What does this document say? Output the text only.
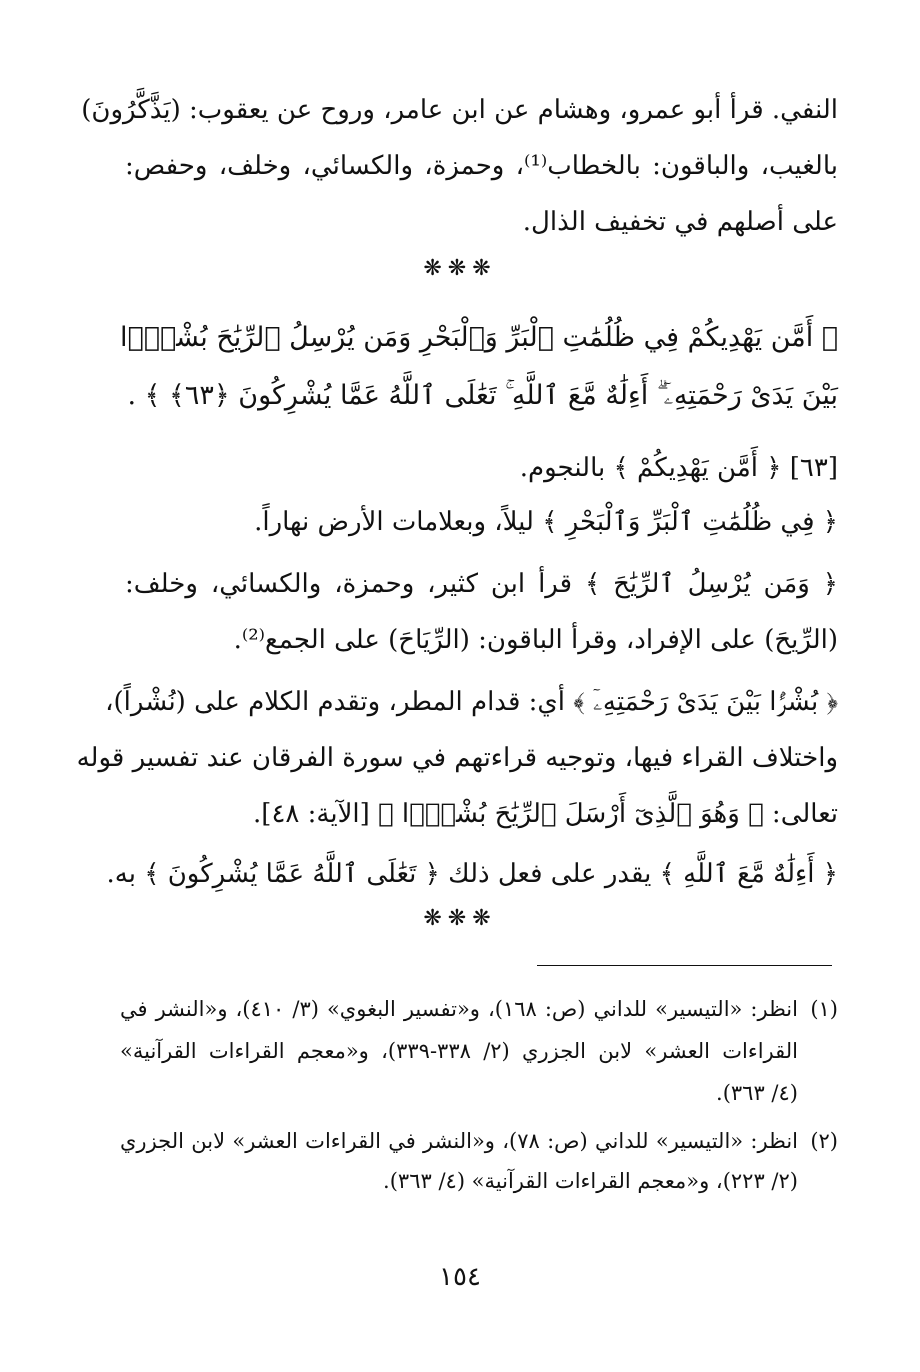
النفي. قرأ أبو عمرو، وهشام عن ابن عامر، وروح عن يعقوب: (يَذَّكَّرُونَ)
بالغيب، والباقون: بالخطاب⁽¹⁾، وحمزة، والكسائي، وخلف، وحفص:
على أصلهم في تخفيف الذال.
❋❋❋
﴿ أَمَّن يَهْدِيكُمْ فِي ظُلُمَٰتِ ٱلْبَرِّ وَٱلْبَحْرِ وَمَن يُرْسِلُ ٱلرِّيَٰحَ بُشْرًۢا
بَيْنَ يَدَىْ رَحْمَتِهِۦٓ ۗ أَءِلَٰهٌ مَّعَ ٱللَّهِ ۚ تَعَٰلَى ٱللَّهُ عَمَّا يُشْرِكُونَ ﴿٦٣﴾ ﴾ .
[٦٣] ﴿ أَمَّن يَهْدِيكُمْ ﴾ بالنجوم.
﴿ فِي ظُلُمَٰتِ ٱلْبَرِّ وَٱلْبَحْرِ ﴾ ليلاً، وبعلامات الأرض نهاراً.
﴿ وَمَن يُرْسِلُ ٱلرِّيَٰحَ ﴾ قرأ ابن كثير، وحمزة، والكسائي، وخلف:
(الرِّيحَ) على الإفراد، وقرأ الباقون: (الرِّيَاحَ) على الجمع⁽²⁾.
﴿ بُشْرًۢا بَيْنَ يَدَىْ رَحْمَتِهِۦٓ ﴾ أي: قدام المطر، وتقدم الكلام على (نُشْراً)،
واختلاف القراء فيها، وتوجيه قراءتهم في سورة الفرقان عند تفسير قوله
تعالى: ﴿ وَهُوَ ٱلَّذِىٓ أَرْسَلَ ٱلرِّيَٰحَ بُشْرًۢا ﴾ [الآية: ٤٨].
﴿ أَءِلَٰهٌ مَّعَ ٱللَّهِ ﴾ يقدر على فعل ذلك ﴿ تَعَٰلَى ٱللَّهُ عَمَّا يُشْرِكُونَ ﴾ به.
❋❋❋
(١)
انظر: «التيسير» للداني (ص: ١٦٨)، و«تفسير البغوي» (٣/ ٤١٠)، و«النشر في
القراءات العشر» لابن الجزري (٢/ ٣٣٨-٣٣٩)، و«معجم القراءات القرآنية»
(٤/ ٣٦٣).
(٢)
انظر: «التيسير» للداني (ص: ٧٨)، و«النشر في القراءات العشر» لابن الجزري
(٢/ ٢٢٣)، و«معجم القراءات القرآنية» (٤/ ٣٦٣).
١٥٤
